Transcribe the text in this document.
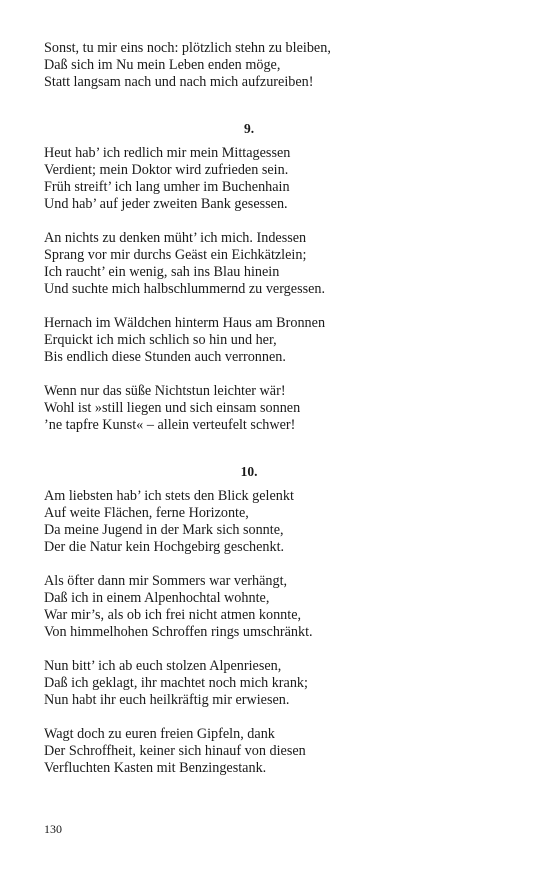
Sonst, tu mir eins noch: plötzlich stehn zu bleiben,
Daß sich im Nu mein Leben enden möge,
Statt langsam nach und nach mich aufzureiben!
9.
Heut hab’ ich redlich mir mein Mittagessen
Verdient; mein Doktor wird zufrieden sein.
Früh streift’ ich lang umher im Buchenhain
Und hab’ auf jeder zweiten Bank gesessen.
An nichts zu denken müht’ ich mich. Indessen
Sprang vor mir durchs Geäst ein Eichkätzlein;
Ich raucht’ ein wenig, sah ins Blau hinein
Und suchte mich halbschlummernd zu vergessen.
Hernach im Wäldchen hinterm Haus am Bronnen
Erquickt ich mich schlich so hin und her,
Bis endlich diese Stunden auch verronnen.
Wenn nur das süße Nichtstun leichter wär!
Wohl ist »still liegen und sich einsam sonnen
’ne tapfre Kunst« – allein verteufelt schwer!
10.
Am liebsten hab’ ich stets den Blick gelenkt
Auf weite Flächen, ferne Horizonte,
Da meine Jugend in der Mark sich sonnte,
Der die Natur kein Hochgebirg geschenkt.
Als öfter dann mir Sommers war verhängt,
Daß ich in einem Alpenhochtal wohnte,
War mir’s, als ob ich frei nicht atmen konnte,
Von himmelhohen Schroffen rings umschränkt.
Nun bitt’ ich ab euch stolzen Alpenriesen,
Daß ich geklagt, ihr machtet noch mich krank;
Nun habt ihr euch heilkräftig mir erwiesen.
Wagt doch zu euren freien Gipfeln, dank
Der Schroffheit, keiner sich hinauf von diesen
Verfluchten Kasten mit Benzingestank.
130
